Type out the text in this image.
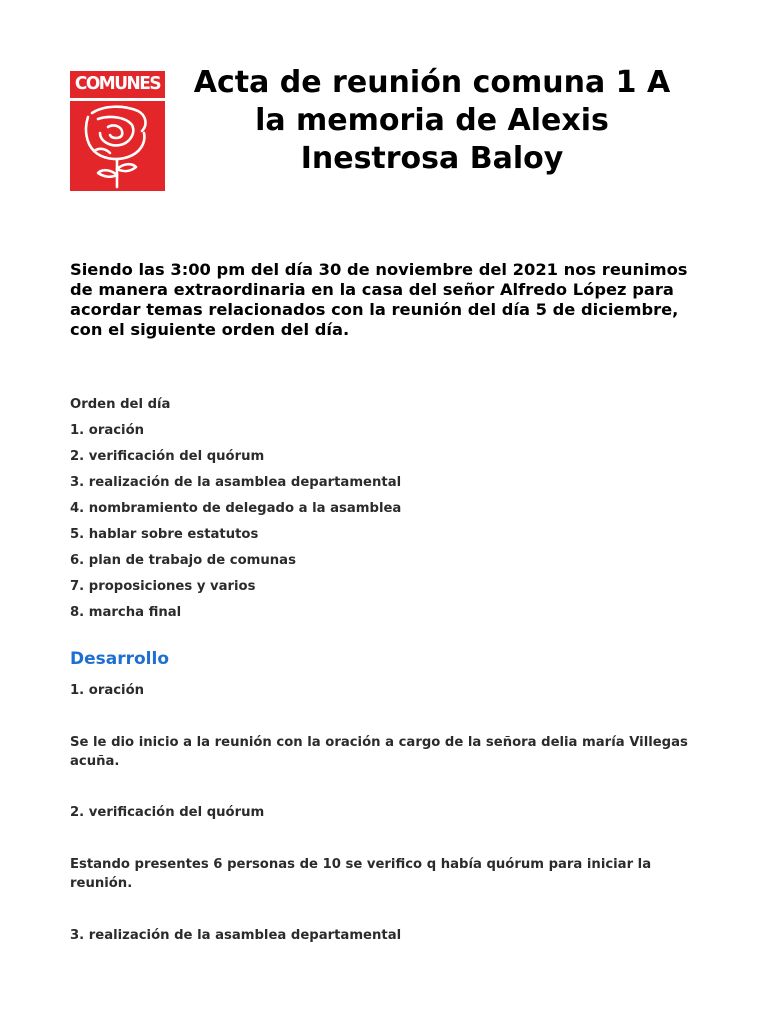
COMUNES	Acta de reunión comuna 1 A la memoria de Alexis Inestrosa Baloy

Siendo las 3:00 pm del día 30 de noviembre del 2021 nos reunimos de manera extraordinaria en la casa del señor Alfredo López para acordar temas relacionados con la reunión del día 5 de diciembre, con el siguiente orden del día.

Orden del día
1. oración
2. verificación del quórum
3. realización de la asamblea departamental
4. nombramiento de delegado a la asamblea
5. hablar sobre estatutos
6. plan de trabajo de comunas
7. proposiciones y varios
8. marcha final
Desarrollo

1. oración

Se le dio inicio a la reunión con la oración a cargo de la señora delia maría Villegas acuña.

2. verificación del quórum

Estando presentes 6 personas de 10 se verifico q había quórum para iniciar la reunión.

3. realización de la asamblea departamental
